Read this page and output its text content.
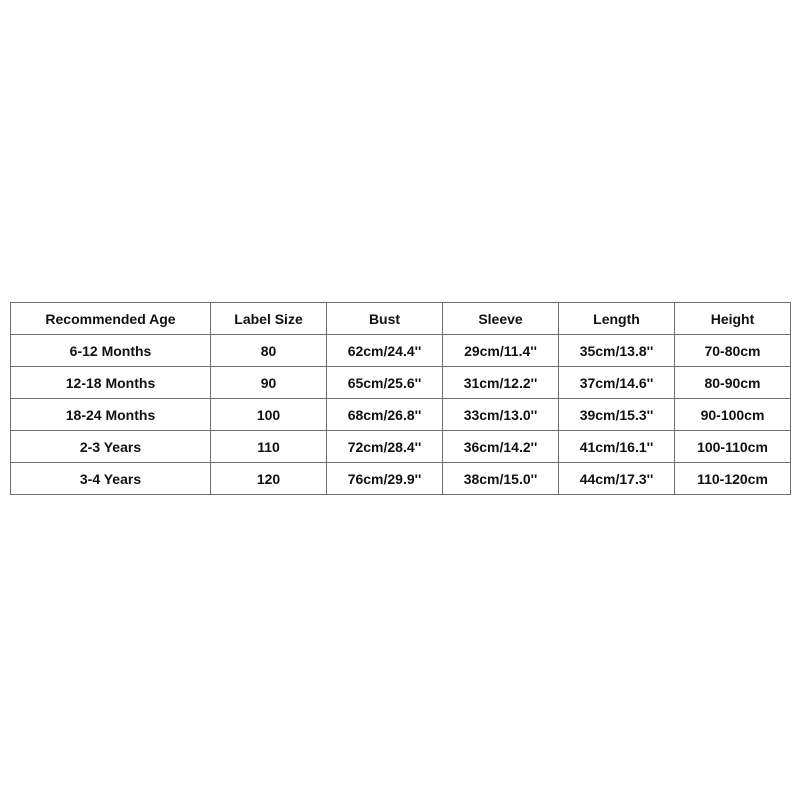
Recommended Age	Label Size	Bust	Sleeve	Length	Height
6-12 Months	80	62cm/24.4''	29cm/11.4''	35cm/13.8''	70-80cm
12-18 Months	90	65cm/25.6''	31cm/12.2''	37cm/14.6''	80-90cm
18-24 Months	100	68cm/26.8''	33cm/13.0''	39cm/15.3''	90-100cm
2-3 Years	110	72cm/28.4''	36cm/14.2''	41cm/16.1''	100-110cm
3-4 Years	120	76cm/29.9''	38cm/15.0''	44cm/17.3''	110-120cm
